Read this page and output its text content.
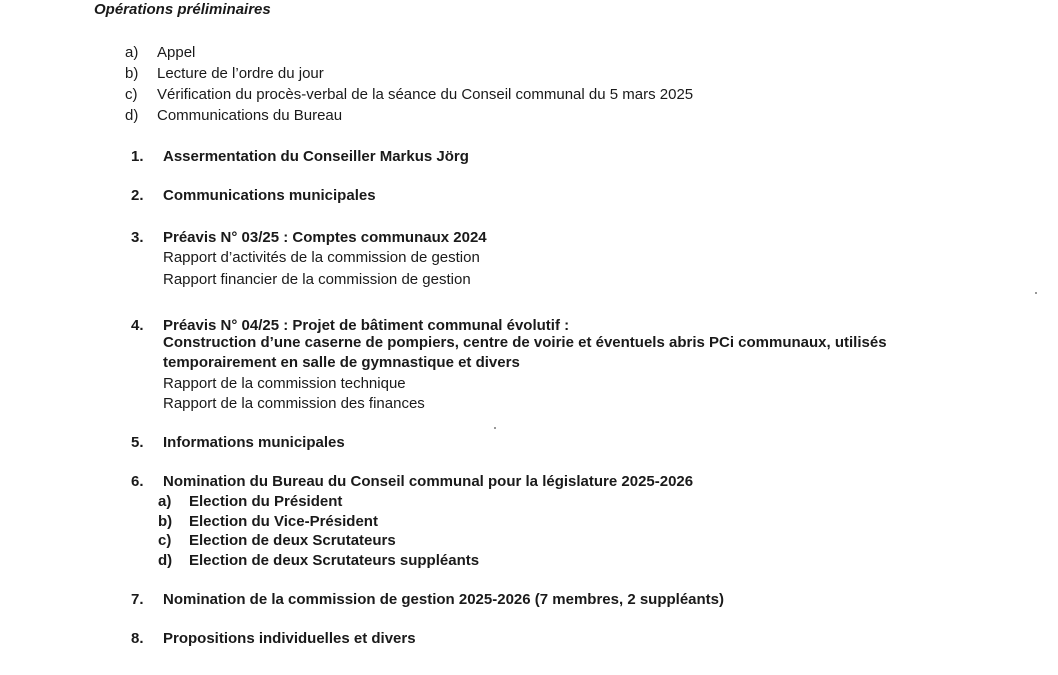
Opérations préliminaires
a) Appel
b) Lecture de l’ordre du jour
c) Vérification du procès-verbal de la séance du Conseil communal du 5 mars 2025
d) Communications du Bureau
1. Assermentation du Conseiller Markus Jörg
2. Communications municipales
3. Préavis N° 03/25 : Comptes communaux 2024
Rapport d’activités de la commission de gestion
Rapport financier de la commission de gestion
4. Préavis N° 04/25 : Projet de bâtiment communal évolutif :
Construction d’une caserne de pompiers, centre de voirie et éventuels abris PCi communaux, utilisés
temporairement en salle de gymnastique et divers
Rapport de la commission technique
Rapport de la commission des finances
5. Informations municipales
6. Nomination du Bureau du Conseil communal pour la législature 2025-2026
a) Election du Président
b) Election du Vice-Président
c) Election de deux Scrutateurs
d) Election de deux Scrutateurs suppléants
7. Nomination de la commission de gestion 2025-2026 (7 membres, 2 suppléants)
8. Propositions individuelles et divers
